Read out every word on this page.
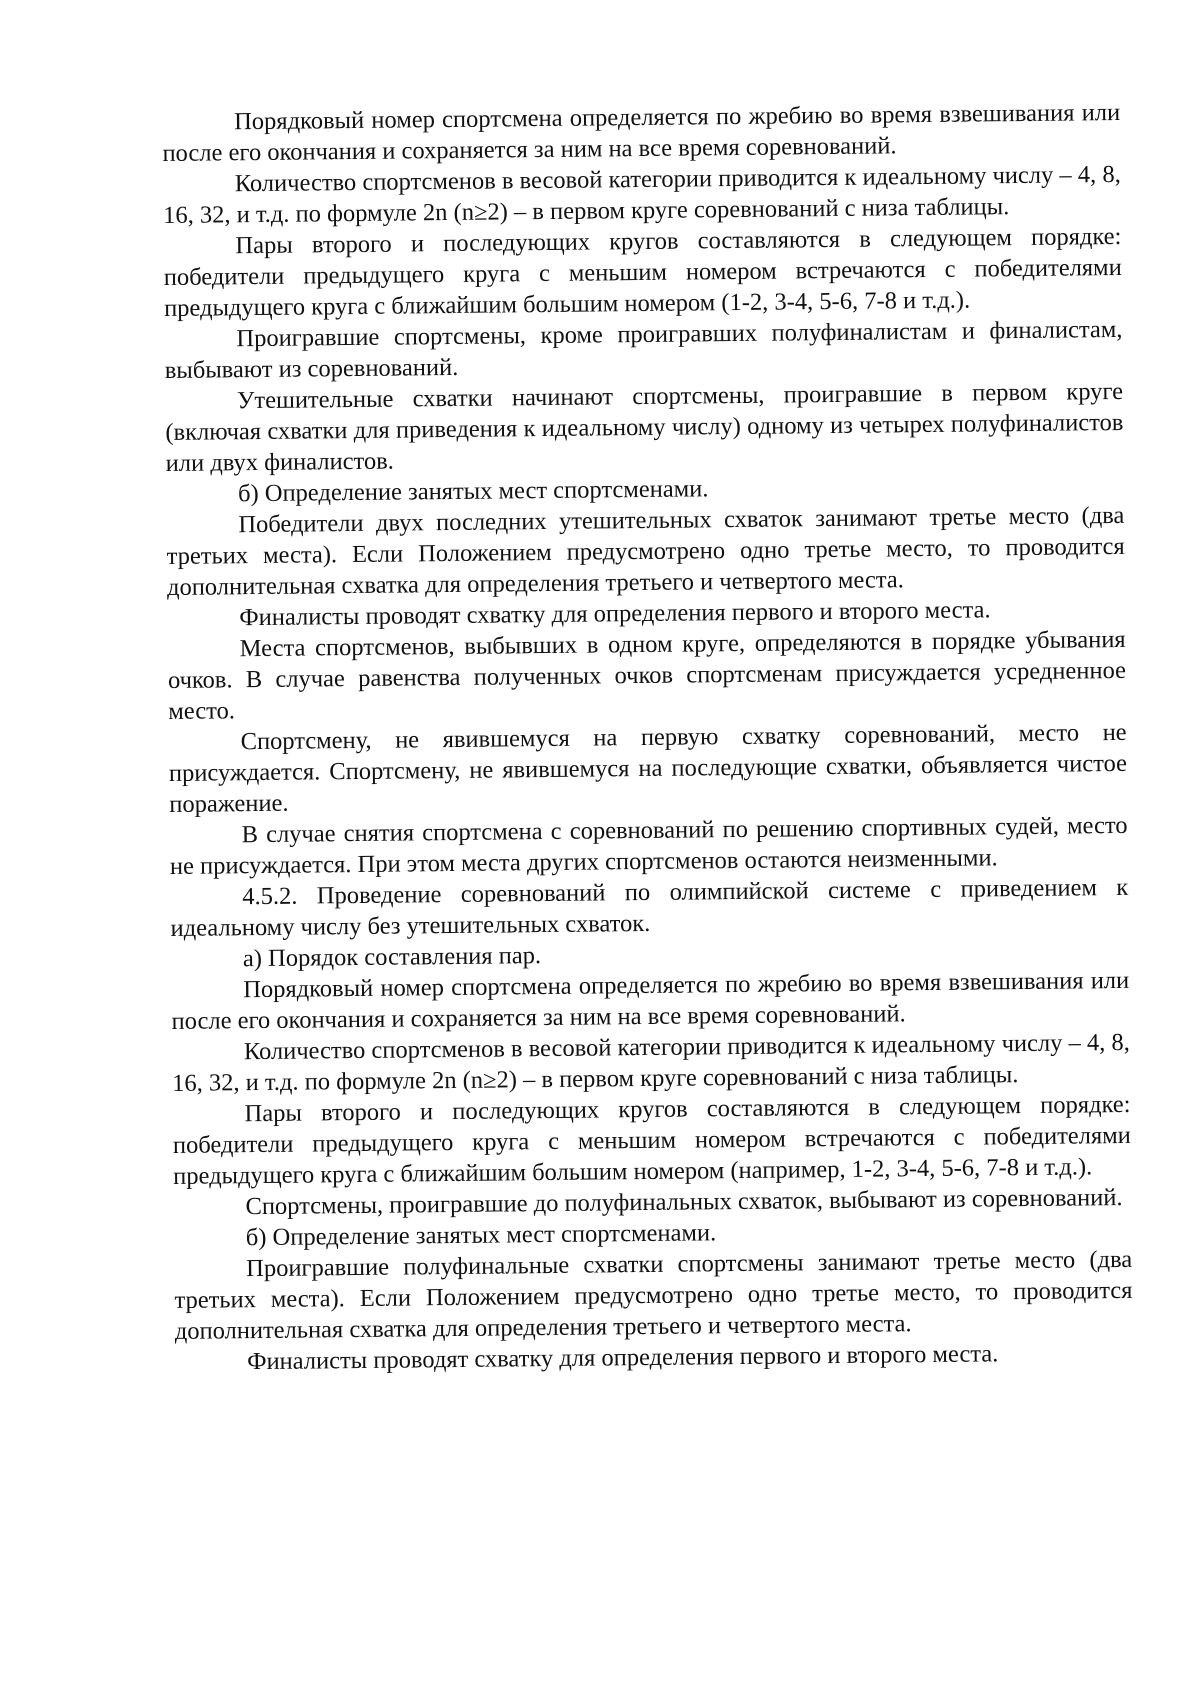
Порядковый номер спортсмена определяется по жребию во время взвешивания или после его окончания и сохраняется за ним на все время соревнований.

Количество спортсменов в весовой категории приводится к идеальному числу – 4, 8, 16, 32, и т.д. по формуле 2n (n≥2) – в первом круге соревнований с низа таблицы.

Пары второго и последующих кругов составляются в следующем порядке: победители предыдущего круга с меньшим номером встречаются с победителями предыдущего круга с ближайшим большим номером (1-2, 3-4, 5-6, 7-8 и т.д.).

Проигравшие спортсмены, кроме проигравших полуфиналистам и финалистам, выбывают из соревнований.

Утешительные схватки начинают спортсмены, проигравшие в первом круге (включая схватки для приведения к идеальному числу) одному из четырех полуфиналистов или двух финалистов.

б) Определение занятых мест спортсменами.

Победители двух последних утешительных схваток занимают третье место (два третьих места). Если Положением предусмотрено одно третье место, то проводится дополнительная схватка для определения третьего и четвертого места.

Финалисты проводят схватку для определения первого и второго места.

Места спортсменов, выбывших в одном круге, определяются в порядке убывания очков. В случае равенства полученных очков спортсменам присуждается усредненное место.

Спортсмену, не явившемуся на первую схватку соревнований, место не присуждается. Спортсмену, не явившемуся на последующие схватки, объявляется чистое поражение.

В случае снятия спортсмена с соревнований по решению спортивных судей, место не присуждается. При этом места других спортсменов остаются неизменными.

4.5.2. Проведение соревнований по олимпийской системе с приведением к идеальному числу без утешительных схваток.

а) Порядок составления пар.

Порядковый номер спортсмена определяется по жребию во время взвешивания или после его окончания и сохраняется за ним на все время соревнований.

Количество спортсменов в весовой категории приводится к идеальному числу – 4, 8, 16, 32, и т.д. по формуле 2n (n≥2) – в первом круге соревнований с низа таблицы.

Пары второго и последующих кругов составляются в следующем порядке: победители предыдущего круга с меньшим номером встречаются с победителями предыдущего круга с ближайшим большим номером (например, 1-2, 3-4, 5-6, 7-8 и т.д.).

Спортсмены, проигравшие до полуфинальных схваток, выбывают из соревнований.

б) Определение занятых мест спортсменами.

Проигравшие полуфинальные схватки спортсмены занимают третье место (два третьих места). Если Положением предусмотрено одно третье место, то проводится дополнительная схватка для определения третьего и четвертого места.

Финалисты проводят схватку для определения первого и второго места.
